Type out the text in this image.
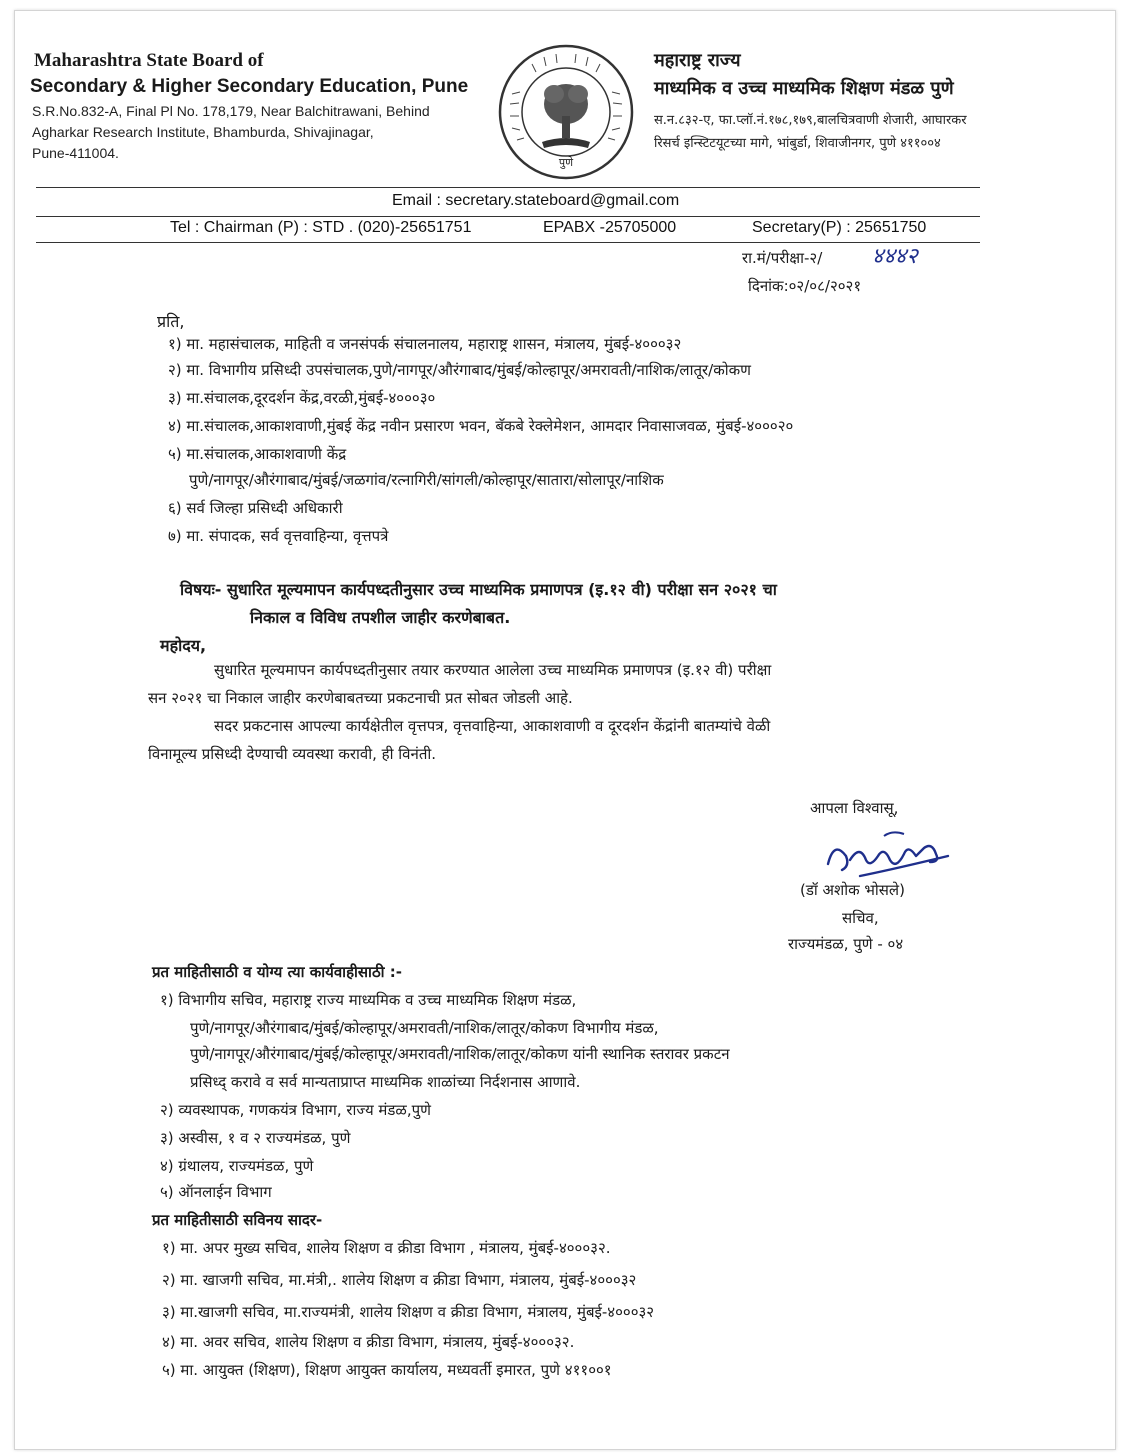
Maharashtra State Board of
Secondary & Higher Secondary Education, Pune
S.R.No.832-A, Final Pl No. 178,179, Near Balchitrawani, Behind
Agharkar Research Institute, Bhamburda, Shivajinagar,
Pune-411004.
पुणे
महाराष्ट्र राज्य
माध्यमिक व उच्च माध्यमिक शिक्षण मंडळ पुणे
स.न.८३२-ए, फा.प्लॉ.नं.१७८,१७९,बालचित्रवाणी शेजारी, आघारकर
रिसर्च इन्स्टिटयूटच्या मागे, भांबुर्डा, शिवाजीनगर, पुणे ४११००४
Email : secretary.stateboard@gmail.com
Tel : Chairman (P) : STD . (020)-25651751	EPABX -25705000	Secretary(P) : 25651750
रा.मं/परीक्षा-२/ ४४४२
दिनांक:०२/०८/२०२१
प्रति,
१) मा. महासंचालक, माहिती व जनसंपर्क संचालनालय, महाराष्ट्र शासन, मंत्रालय, मुंबई-४०००३२
२) मा. विभागीय प्रसिध्दी उपसंचालक,पुणे/नागपूर/औरंगाबाद/मुंबई/कोल्हापूर/अमरावती/नाशिक/लातूर/कोकण
३) मा.संचालक,दूरदर्शन केंद्र,वरळी,मुंबई-४०००३०
४) मा.संचालक,आकाशवाणी,मुंबई केंद्र नवीन प्रसारण भवन, बॅकबे रेक्लेमेशन, आमदार निवासाजवळ, मुंबई-४०००२०
५) मा.संचालक,आकाशवाणी केंद्र
पुणे/नागपूर/औरंगाबाद/मुंबई/जळगांव/रत्नागिरी/सांगली/कोल्हापूर/सातारा/सोलापूर/नाशिक
६) सर्व जिल्हा प्रसिध्दी अधिकारी
७) मा. संपादक, सर्व वृत्तवाहिन्या, वृत्तपत्रे
विषयः- सुधारित मूल्यमापन कार्यपध्दतीनुसार उच्च माध्यमिक प्रमाणपत्र (इ.१२ वी) परीक्षा सन २०२१ चा
निकाल व विविध तपशील जाहीर करणेबाबत.
महोदय,
सुधारित मूल्यमापन कार्यपध्दतीनुसार तयार करण्यात आलेला उच्च माध्यमिक प्रमाणपत्र (इ.१२ वी) परीक्षा
सन २०२१ चा निकाल जाहीर करणेबाबतच्या प्रकटनाची प्रत सोबत जोडली आहे.
सदर प्रकटनास आपल्या कार्यक्षेतील वृत्तपत्र, वृत्तवाहिन्या, आकाशवाणी व दूरदर्शन केंद्रांनी बातम्यांचे वेळी
विनामूल्य प्रसिध्दी देण्याची व्यवस्था करावी, ही विनंती.
आपला विश्वासू,
(डॉ अशोक भोसले)
सचिव,
राज्यमंडळ, पुणे - ०४
प्रत माहितीसाठी व योग्य त्या कार्यवाहीसाठी :-
१) विभागीय सचिव, महाराष्ट्र राज्य माध्यमिक व उच्च माध्यमिक शिक्षण मंडळ,
पुणे/नागपूर/औरंगाबाद/मुंबई/कोल्हापूर/अमरावती/नाशिक/लातूर/कोकण विभागीय मंडळ,
पुणे/नागपूर/औरंगाबाद/मुंबई/कोल्हापूर/अमरावती/नाशिक/लातूर/कोकण यांनी स्थानिक स्तरावर प्रकटन
प्रसिध्द् करावे व सर्व मान्यताप्राप्त माध्यमिक शाळांच्या निर्दशनास आणावे.
२) व्यवस्थापक, गणकयंत्र विभाग, राज्य मंडळ,पुणे
३) अस्वीस, १ व २ राज्यमंडळ, पुणे
४) ग्रंथालय, राज्यमंडळ, पुणे
५) ऑनलाईन विभाग
प्रत माहितीसाठी सविनय सादर-
१) मा. अपर मुख्य सचिव, शालेय शिक्षण व क्रीडा विभाग , मंत्रालय, मुंबई-४०००३२.
२) मा. खाजगी सचिव, मा.मंत्री,. शालेय शिक्षण व क्रीडा विभाग, मंत्रालय, मुंबई-४०००३२
३) मा.खाजगी सचिव, मा.राज्यमंत्री, शालेय शिक्षण व क्रीडा विभाग, मंत्रालय, मुंबई-४०००३२
४) मा. अवर सचिव, शालेय शिक्षण व क्रीडा विभाग, मंत्रालय, मुंबई-४०००३२.
५) मा. आयुक्त (शिक्षण), शिक्षण आयुक्त कार्यालय, मध्यवर्ती इमारत, पुणे ४११००१
